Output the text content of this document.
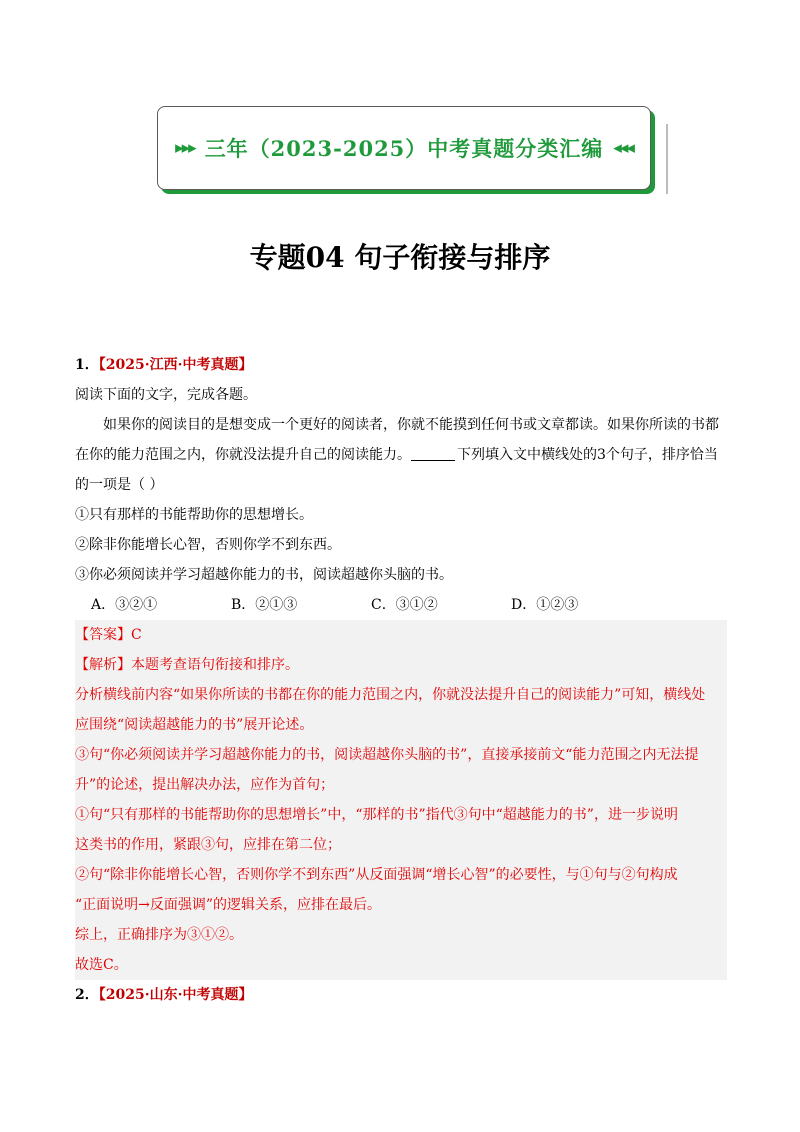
▸▸▸ 三年（2023-2025）中考真题分类汇编 ◂◂◂
专题04 句子衔接与排序
1．【2025·江西·中考真题】
阅读下面的文字，完成各题。
如果你的阅读目的是想变成一个更好的阅读者，你就不能摸到任何书或文章都读。如果你所读的书都
在你的能力范围之内，你就没法提升自己的阅读能力。	下列填入文中横线处的3个句子，排序恰当
的一项是（ ）
①只有那样的书能帮助你的思想增长。
②除非你能增长心智，否则你学不到东西。
③你必须阅读并学习超越你能力的书，阅读超越你头脑的书。
A．③②①	B．②①③	C．③①②	D．①②③
【答案】C
【解析】本题考查语句衔接和排序。
分析横线前内容“如果你所读的书都在你的能力范围之内，你就没法提升自己的阅读能力”可知，横线处
应围绕“阅读超越能力的书”展开论述。
③句“你必须阅读并学习超越你能力的书，阅读超越你头脑的书”，直接承接前文“能力范围之内无法提
升”的论述，提出解决办法，应作为首句；
①句“只有那样的书能帮助你的思想增长”中，“那样的书”指代③句中“超越能力的书”，进一步说明
这类书的作用，紧跟③句，应排在第二位；
②句“除非你能增长心智，否则你学不到东西”从反面强调“增长心智”的必要性，与①句与②句构成
“正面说明→反面强调”的逻辑关系，应排在最后。
综上，正确排序为③①②。
故选C。
2．【2025·山东·中考真题】
